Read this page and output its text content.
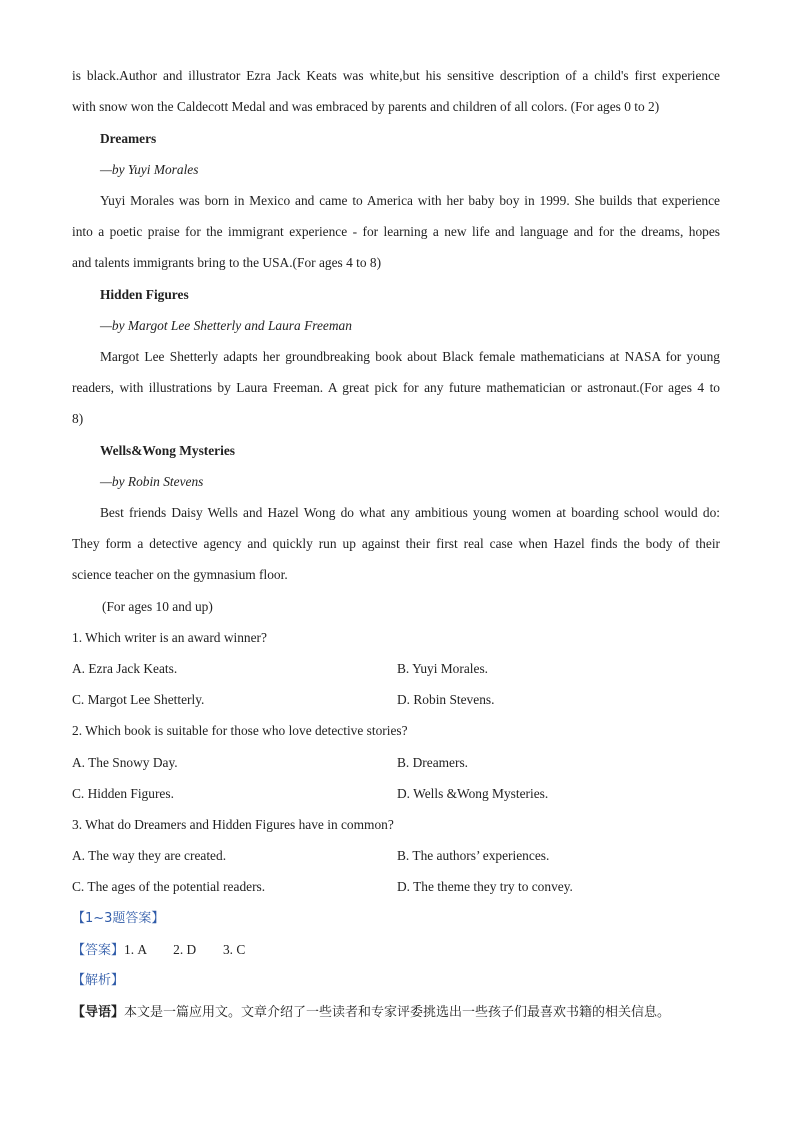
is black.Author and illustrator Ezra Jack Keats was white,but his sensitive description of a child's first experience
with snow won the Caldecott Medal and was embraced by parents and children of all colors. (For ages 0 to 2)
Dreamers
—by Yuyi Morales
Yuyi Morales was born in Mexico and came to America with her baby boy in 1999. She builds that experience
into a poetic praise for the immigrant experience - for learning a new life and language and for the dreams, hopes
and talents immigrants bring to the USA.(For ages 4 to 8)
Hidden Figures
—by Margot Lee Shetterly and Laura Freeman
Margot Lee Shetterly adapts her groundbreaking book about Black female mathematicians at NASA for young
readers, with illustrations by Laura Freeman. A great pick for any future mathematician or astronaut.(For ages 4 to
8)
Wells&Wong Mysteries
—by Robin Stevens
Best friends Daisy Wells and Hazel Wong do what any ambitious young women at boarding school would do:
They form a detective agency and quickly run up against their first real case when Hazel finds the body of their
science teacher on the gymnasium floor.
(For ages 10 and up)
1. Which writer is an award winner?
A. Ezra Jack Keats.	B. Yuyi Morales.
C. Margot Lee Shetterly.	D. Robin Stevens.
2. Which book is suitable for those who love detective stories?
A. The Snowy Day.	B. Dreamers.
C. Hidden Figures.	D. Wells &Wong Mysteries.
3. What do Dreamers and Hidden Figures have in common?
A. The way they are created.	B. The authors’ experiences.
C. The ages of the potential readers.	D. The theme they try to convey.
【1~3题答案】
【答案】1. A        2. D        3. C
【解析】
【导语】本文是一篇应用文。文章介绍了一些读者和专家评委挑选出一些孩子们最喜欢书籍的相关信息。
